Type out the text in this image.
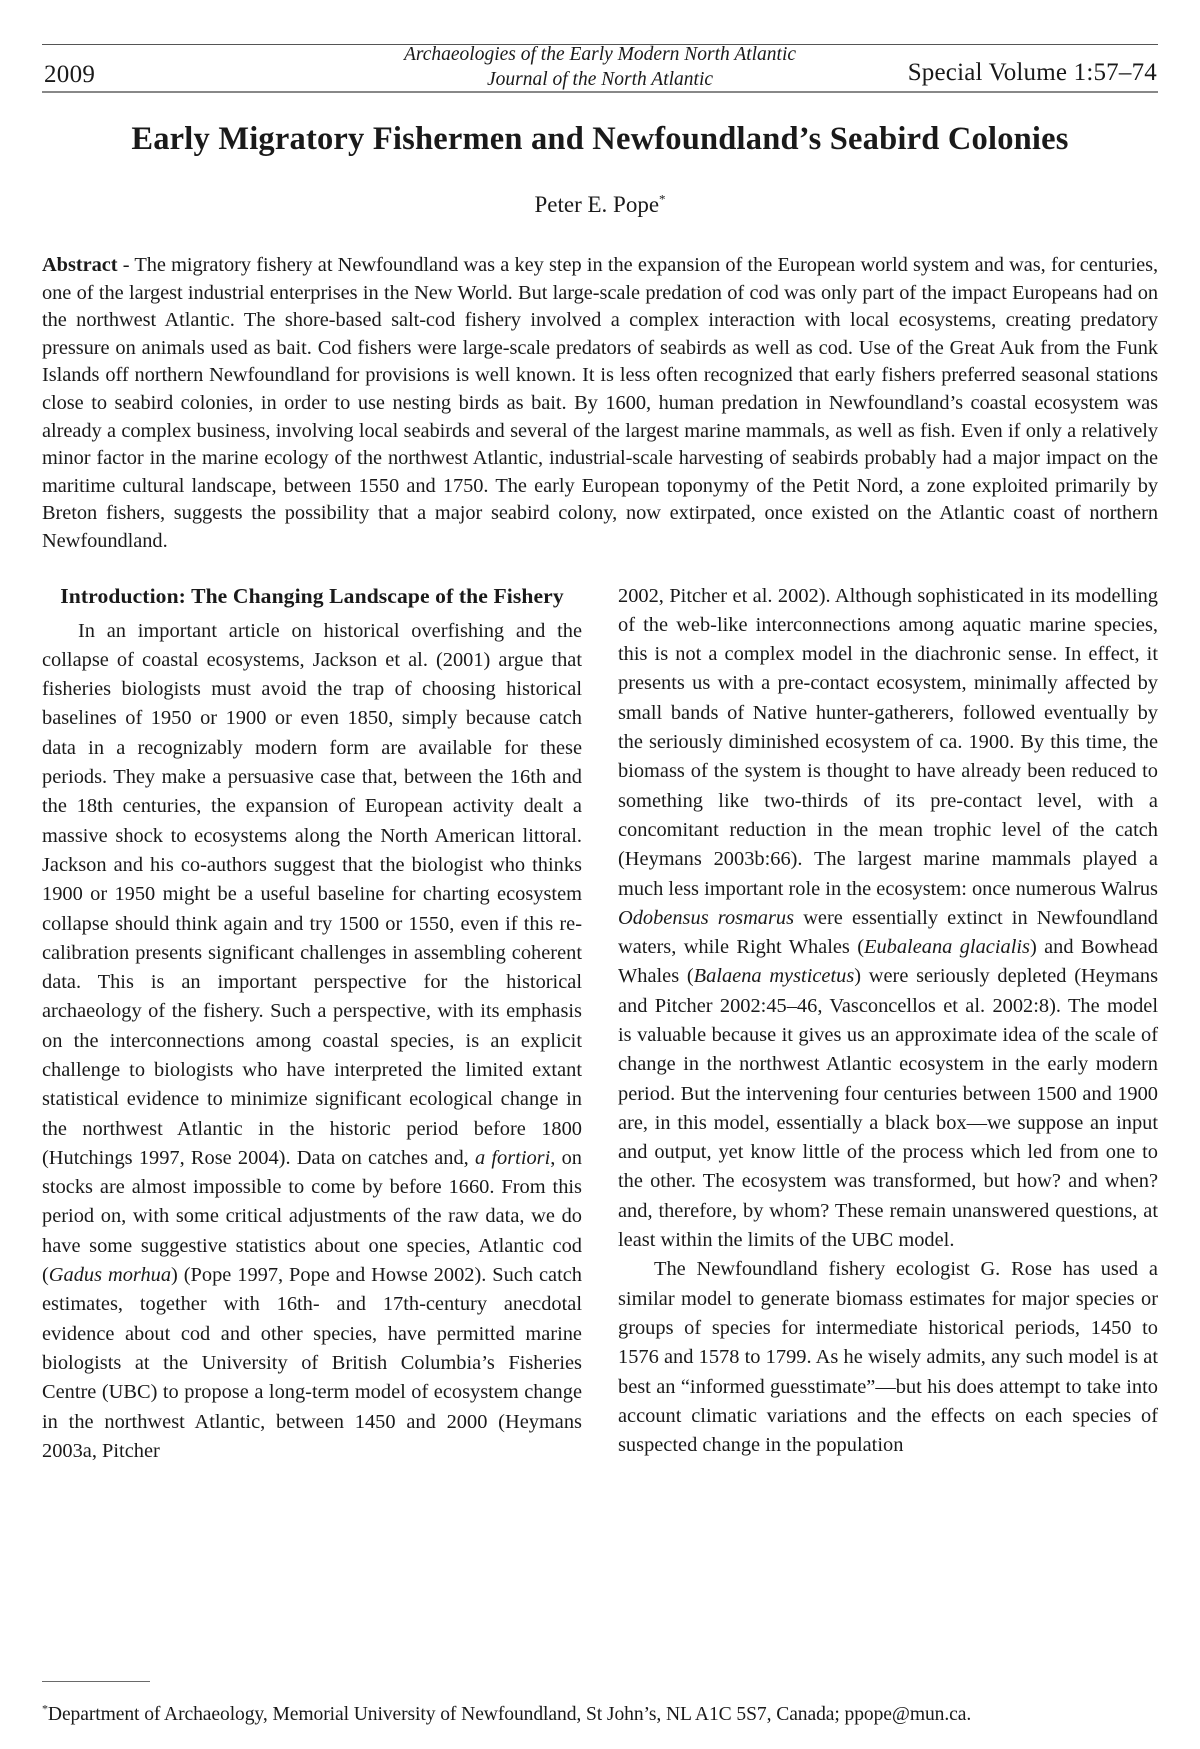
2009
Archaeologies of the Early Modern North Atlantic
Journal of the North Atlantic	Special Volume 1:57–74
Early Migratory Fishermen and Newfoundland’s Seabird Colonies
Peter E. Pope*
Abstract - The migratory fishery at Newfoundland was a key step in the expansion of the European world system and was, for centuries, one of the largest industrial enterprises in the New World. But large-scale predation of cod was only part of the impact Europeans had on the northwest Atlantic. The shore-based salt-cod fishery involved a complex interaction with local ecosystems, creating predatory pressure on animals used as bait. Cod fishers were large-scale predators of seabirds as well as cod. Use of the Great Auk from the Funk Islands off northern Newfoundland for provisions is well known. It is less often recognized that early fishers preferred seasonal stations close to seabird colonies, in order to use nesting birds as bait. By 1600, human predation in Newfoundland’s coastal ecosystem was already a complex business, involving local seabirds and several of the largest marine mammals, as well as fish. Even if only a relatively minor factor in the marine ecology of the northwest Atlantic, industrial-scale harvesting of seabirds probably had a major impact on the maritime cultural landscape, between 1550 and 1750. The early European toponymy of the Petit Nord, a zone exploited primarily by Breton fishers, suggests the possibility that a major seabird colony, now extirpated, once existed on the Atlantic coast of northern Newfoundland.
Introduction: The Changing Landscape of the Fishery

In an important article on historical overfishing and the collapse of coastal ecosystems, Jackson et al. (2001) argue that fisheries biologists must avoid the trap of choosing historical baselines of 1950 or 1900 or even 1850, simply because catch data in a recognizably modern form are available for these periods. They make a persuasive case that, between the 16th and the 18th centuries, the expansion of European activity dealt a massive shock to ecosystems along the North American littoral. Jackson and his co-authors suggest that the biologist who thinks 1900 or 1950 might be a useful baseline for charting ecosystem collapse should think again and try 1500 or 1550, even if this re-calibration presents significant challenges in assembling coherent data. This is an important perspective for the historical archaeology of the fishery. Such a perspective, with its emphasis on the interconnections among coastal species, is an explicit challenge to biologists who have interpreted the limited extant statistical evidence to minimize significant ecological change in the northwest Atlantic in the historic period before 1800 (Hutchings 1997, Rose 2004). Data on catches and, a fortiori, on stocks are almost impossible to come by before 1660. From this period on, with some critical adjustments of the raw data, we do have some suggestive statistics about one species, Atlantic cod (Gadus morhua) (Pope 1997, Pope and Howse 2002). Such catch estimates, together with 16th- and 17th-century anecdotal evidence about cod and other species, have permitted marine biologists at the University of British Columbia’s Fisheries Centre (UBC) to propose a long-term model of ecosystem change in the northwest Atlantic, between 1450 and 2000 (Heymans 2003a, Pitcher

2002, Pitcher et al. 2002). Although sophisticated in its modelling of the web-like interconnections among aquatic marine species, this is not a complex model in the diachronic sense. In effect, it presents us with a pre-contact ecosystem, minimally affected by small bands of Native hunter-gatherers, followed eventually by the seriously diminished ecosystem of ca. 1900. By this time, the biomass of the system is thought to have already been reduced to something like two-thirds of its pre-contact level, with a concomitant reduction in the mean trophic level of the catch (Heymans 2003b:66). The largest marine mammals played a much less important role in the ecosystem: once numerous Walrus Odobensus rosmarus were essentially extinct in Newfoundland waters, while Right Whales (Eubaleana glacialis) and Bowhead Whales (Balaena mysticetus) were seriously depleted (Heymans and Pitcher 2002:45–46, Vasconcellos et al. 2002:8). The model is valuable because it gives us an approximate idea of the scale of change in the northwest Atlantic ecosystem in the early modern period. But the intervening four centuries between 1500 and 1900 are, in this model, essentially a black box—we suppose an input and output, yet know little of the process which led from one to the other. The ecosystem was transformed, but how? and when? and, therefore, by whom? These remain unanswered questions, at least within the limits of the UBC model.

The Newfoundland fishery ecologist G. Rose has used a similar model to generate biomass estimates for major species or groups of species for intermediate historical periods, 1450 to 1576 and 1578 to 1799. As he wisely admits, any such model is at best an “informed guesstimate”—but his does attempt to take into account climatic variations and the effects on each species of suspected change in the population

*Department of Archaeology, Memorial University of Newfoundland, St John’s, NL A1C 5S7, Canada; ppope@mun.ca.
